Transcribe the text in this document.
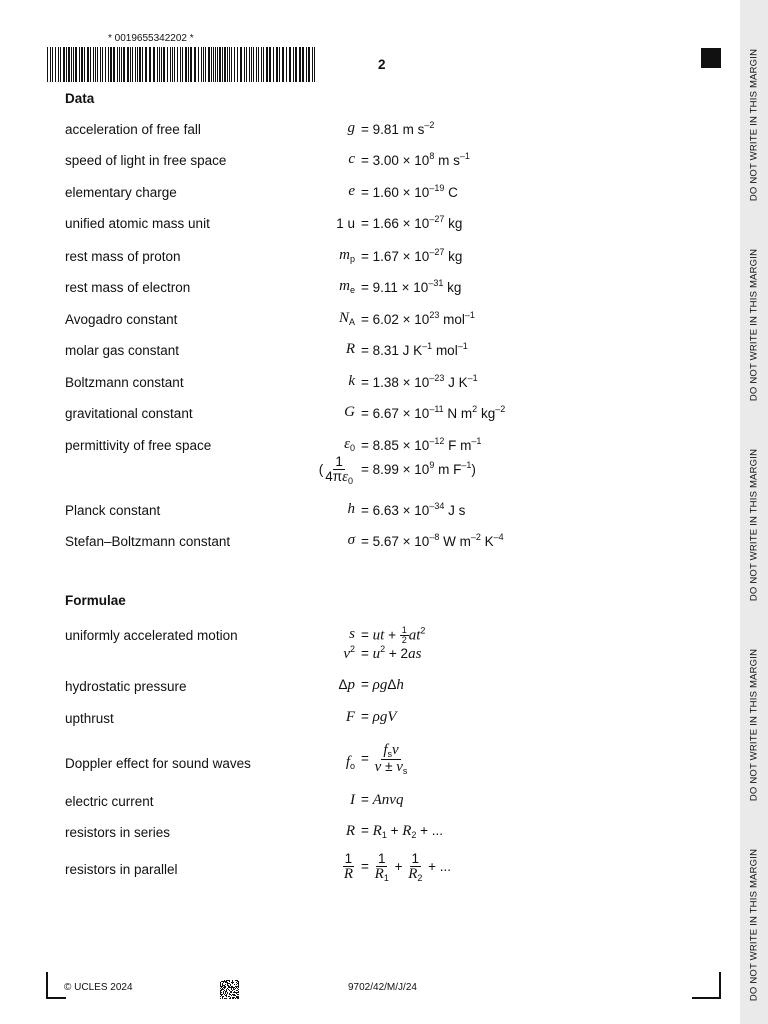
DO NOT WRITE IN THIS MARGIN
DO NOT WRITE IN THIS MARGIN
DO NOT WRITE IN THIS MARGIN
DO NOT WRITE IN THIS MARGIN
DO NOT WRITE IN THIS MARGIN
* 0019655342202 *
2
Data
acceleration of free fall	g = 9.81 m $s^{-2}$
speed of light in free space	$c = 3.00 \times 10^8$ m $s^{-1}$
elementary charge	$e = 1.60 \times 10^{-19}$ C
unified atomic mass unit	1 $u = 1.66 \times 10^{-27}$ kg
rest mass of proton	$m_p = 1.67 \times 10^{-27}$ kg
rest mass of electron	$m_e = 9.11 \times 10^{-31}$ kg
Avogadro constant	$N_A = 6.02 \times 10^{23}$ mol$^{-1}$
molar gas constant	R = 8.31 J $K^{-1}$ mol$^{-1}$
Boltzmann constant	$k = 1.38 \times 10^{-23}$ J $K^{-1}$
gravitational constant	$G = 6.67 \times 10^{-11}$ N $m^2$ $kg^{-2}$
permittivity of free space	$\varepsilon_0 = 8.85 \times 10^{-12}$ F $m^{-1}$
( $\frac{1}{4\pi\varepsilon_0} = 8.99 \times 10^9$ m $F^{-1}$)
Planck constant	$h = 6.63 \times 10^{-34}$ J s
Stefan–Boltzmann constant	$\sigma = 5.67 \times 10^{-8}$ W $m^{-2}$ $K^{-4}$
Formulae
uniformly accelerated motion	s = ut + $\frac{1}{2} at^2$
$v^2 = u^2 + 2as$
hydrostatic pressure	Δp = ρgΔh
upthrust	F = ρgV
Doppler effect for sound waves	$f_o$
= $\frac{f_sv}{v \pm v_s}$
electric current	I = Anvq
resistors in series	$R = R_1 + R_2$ + ...
resistors in parallel	$\frac{1}{R} = \frac{1}{R_1} + \frac{1}{R_2}$ + ...
© UCLES 2024	9702/42/M/J/24
